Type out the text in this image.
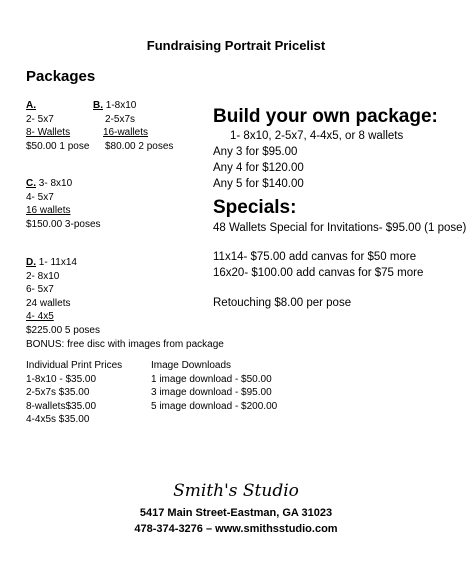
Fundraising Portrait Pricelist
Packages
A.
2- 5x7
8- Wallets
$50.00 1 pose
B. 1-8x10
2-5x7s
16-wallets
$80.00 2 poses
C. 3- 8x10
4- 5x7
16 wallets
$150.00 3-poses
D. 1- 11x14
2- 8x10
6- 5x7
24 wallets
4- 4x5
$225.00 5 poses
BONUS: free disc with images from package
Individual Print Prices
1-8x10 - $35.00
2-5x7s $35.00
8-wallets$35.00
4-4x5s $35.00
Image Downloads
1 image download - $50.00
3 image download - $95.00
5 image download - $200.00
Build your own package:
1- 8x10, 2-5x7, 4-4x5, or 8 wallets
Any 3 for $95.00
Any 4 for $120.00
Any 5 for $140.00
Specials:
48 Wallets Special for Invitations- $95.00 (1 pose)
11x14- $75.00 add canvas for $50 more
16x20- $100.00 add canvas for $75 more
Retouching $8.00 per pose
Smith's Studio
5417 Main Street-Eastman, GA 31023
478-374-3276 – www.smithsstudio.com
